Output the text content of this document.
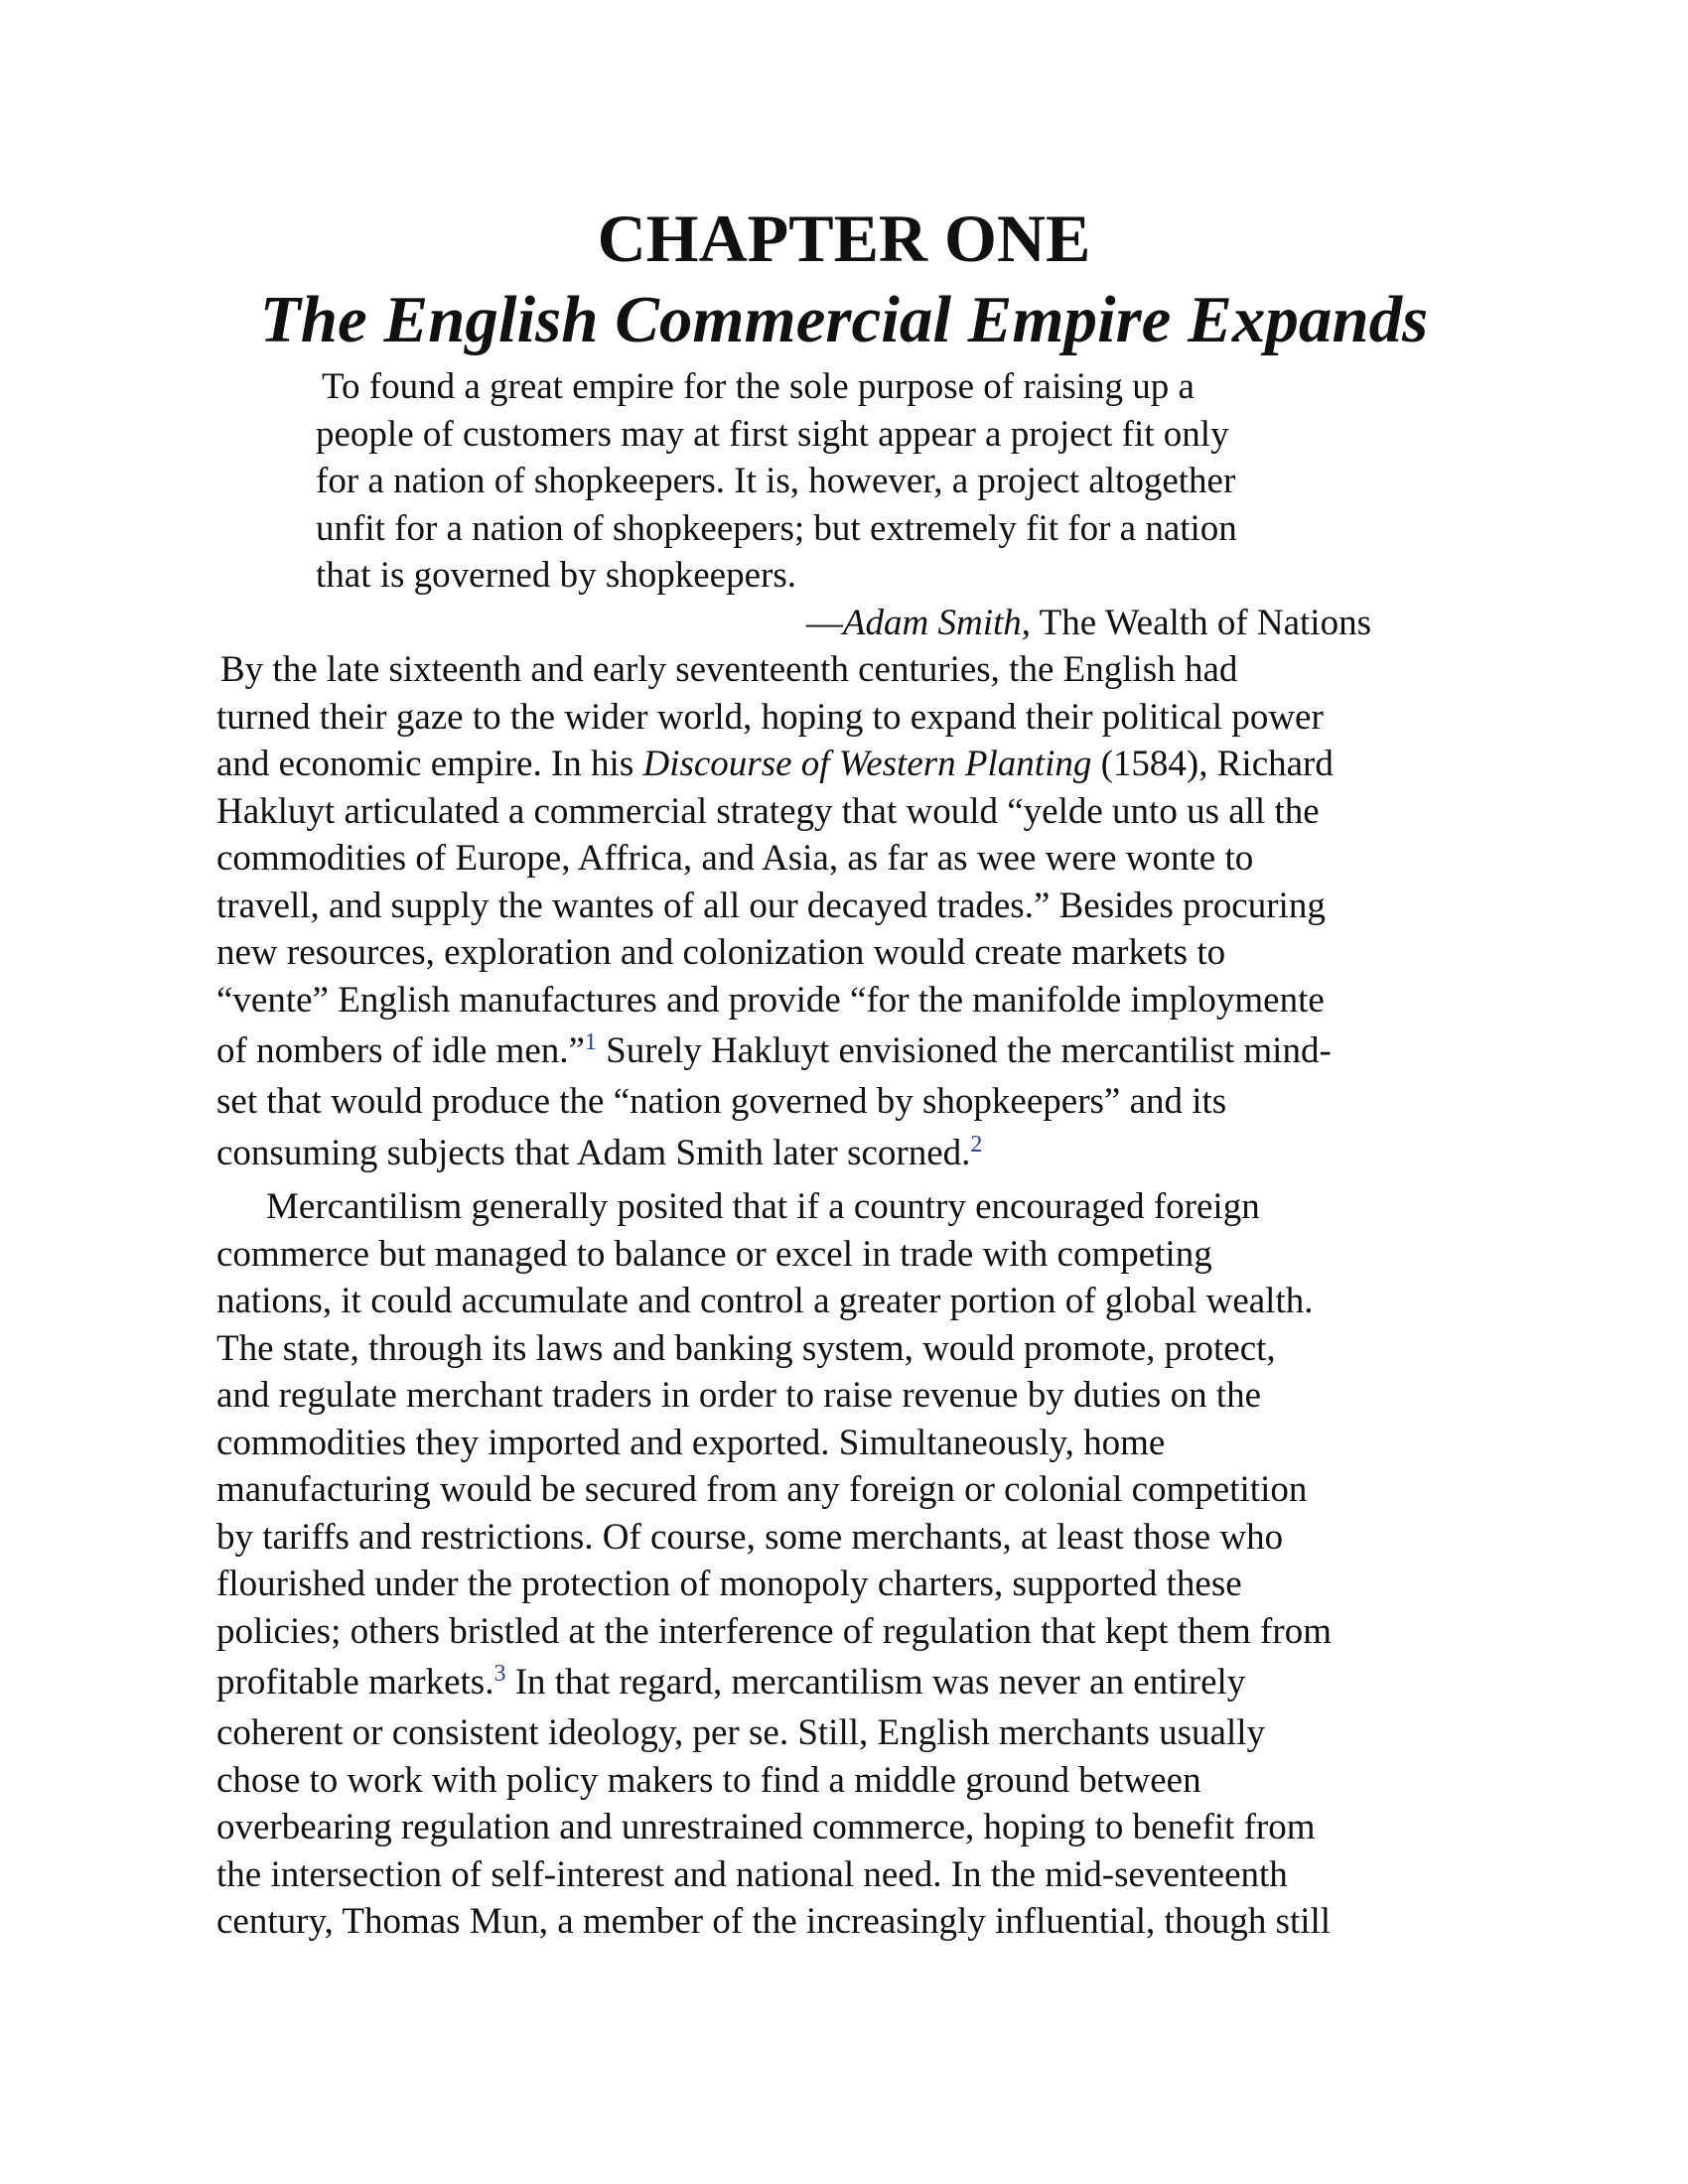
CHAPTER ONE
The English Commercial Empire Expands
To found a great empire for the sole purpose of raising up a
people of customers may at first sight appear a project fit only
for a nation of shopkeepers. It is, however, a project altogether
unfit for a nation of shopkeepers; but extremely fit for a nation
that is governed by shopkeepers.
—Adam Smith, The Wealth of Nations
By the late sixteenth and early seventeenth centuries, the English had
turned their gaze to the wider world, hoping to expand their political power
and economic empire. In his Discourse of Western Planting (1584), Richard
Hakluyt articulated a commercial strategy that would “yelde unto us all the
commodities of Europe, Affrica, and Asia, as far as wee were wonte to
travell, and supply the wantes of all our decayed trades.” Besides procuring
new resources, exploration and colonization would create markets to
“vente” English manufactures and provide “for the manifolde imploymente
of nombers of idle men.”$^1$ Surely Hakluyt envisioned the mercantilist mind-
set that would produce the “nation governed by shopkeepers” and its
consuming subjects that Adam Smith later scorned.$^2$
Mercantilism generally posited that if a country encouraged foreign
commerce but managed to balance or excel in trade with competing
nations, it could accumulate and control a greater portion of global wealth.
The state, through its laws and banking system, would promote, protect,
and regulate merchant traders in order to raise revenue by duties on the
commodities they imported and exported. Simultaneously, home
manufacturing would be secured from any foreign or colonial competition
by tariffs and restrictions. Of course, some merchants, at least those who
flourished under the protection of monopoly charters, supported these
policies; others bristled at the interference of regulation that kept them from
profitable markets.$^3$ In that regard, mercantilism was never an entirely
coherent or consistent ideology, per se. Still, English merchants usually
chose to work with policy makers to find a middle ground between
overbearing regulation and unrestrained commerce, hoping to benefit from
the intersection of self-interest and national need. In the mid-seventeenth
century, Thomas Mun, a member of the increasingly influential, though still
